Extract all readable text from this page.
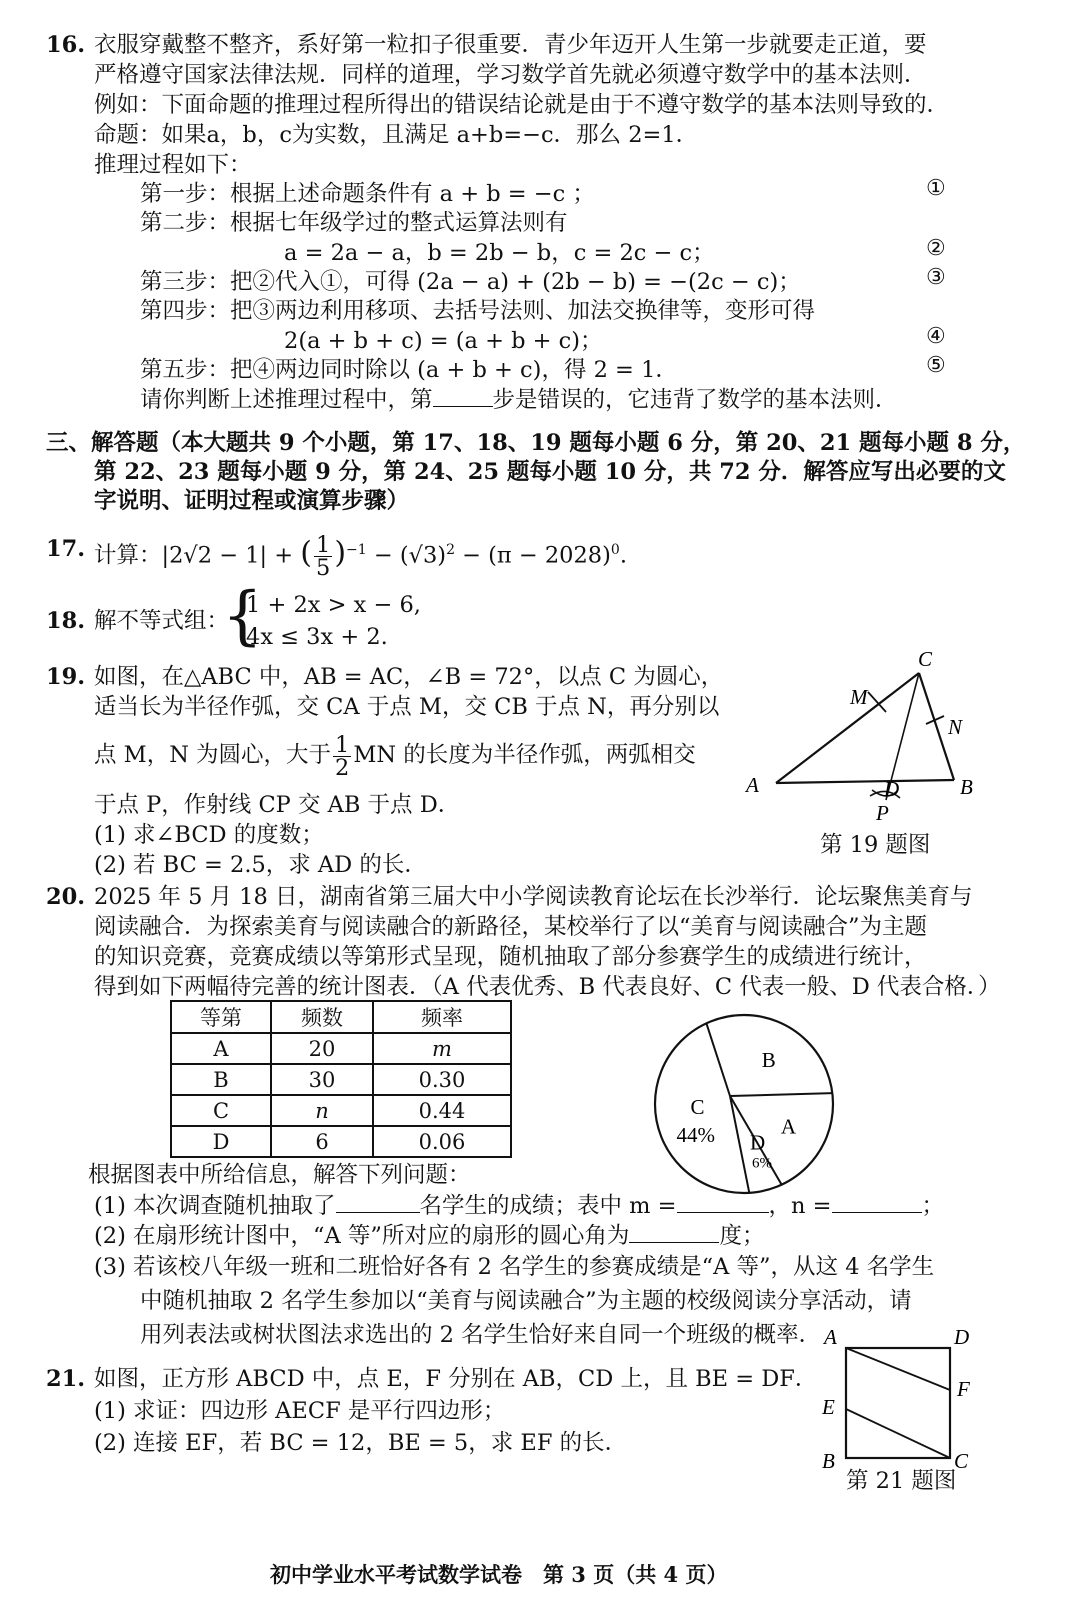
16. 衣服穿戴整不整齐，系好第一粒扣子很重要．青少年迈开人生第一步就要走正道，要
严格遵守国家法律法规．同样的道理，学习数学首先就必须遵守数学中的基本法则．
例如：下面命题的推理过程所得出的错误结论就是由于不遵守数学的基本法则导致的．
命题：如果a，b，c为实数，且满足 a+b=−c．那么 2=1．
推理过程如下：
第一步：根据上述命题条件有 a + b = −c ；
第二步：根据七年级学过的整式运算法则有
a = 2a − a，b = 2b − b，c = 2c − c；
第三步：把②代入①，可得 (2a − a) + (2b − b) = −(2c − c)；
第四步：把③两边利用移项、去括号法则、加法交换律等，变形可得
2(a + b + c) = (a + b + c)；
第五步：把④两边同时除以 (a + b + c)，得 2 = 1．
①
②
③
④
⑤
请你判断上述推理过程中，第	步是错误的，它违背了数学的基本法则．
三、解答题（本大题共 9 个小题，第 17、18、19 题每小题 6 分，第 20、21 题每小题 8 分，
第 22、23 题每小题 9 分，第 24、25 题每小题 10 分，共 72 分．解答应写出必要的文
字说明、证明过程或演算步骤）
17. 计算：|2√2 − 1| + ( $\frac{1}{5} )^{-1} - (√3)^2 - (\pi - 2028)^0$.
18. 解不等式组：
{
1 + 2x > x − 6,
4x ≤ 3x + 2.
19. 如图，在△ABC 中，AB = AC，∠B = 72°，以点 C 为圆心，
适当长为半径作弧，交 CA 于点 M，交 CB 于点 N，再分别以
点 M，N 为圆心，大于 $\frac{1}{2}$ MN 的长度为半径作弧，两弧相交
于点 P，作射线 CP 交 AB 于点 D．
(1) 求∠BCD 的度数；
(2) 若 BC = 2.5，求 AD 的长．
C
M
N
A	B
D
P
第 19 题图
20. 2025 年 5 月 18 日，湖南省第三届大中小学阅读教育论坛在长沙举行．论坛聚焦美育与
阅读融合．为探索美育与阅读融合的新路径，某校举行了以“美育与阅读融合”为主题
的知识竞赛，竞赛成绩以等第形式呈现，随机抽取了部分参赛学生的成绩进行统计，
得到如下两幅待完善的统计图表．（A 代表优秀、B 代表良好、C 代表一般、D 代表合格．）
等第	频数	频率
A	20	m
B	30	0.30
C	n	0.44
D	6	0.06
B
A
D
6%
C
44%
根据图表中所给信息，解答下列问题：
(1) 本次调查随机抽取了	名学生的成绩；表中 m =	，n =	；
(2) 在扇形统计图中，“A 等”所对应的扇形的圆心角为	度；
(3) 若该校八年级一班和二班恰好各有 2 名学生的参赛成绩是“A 等”，从这 4 名学生
中随机抽取 2 名学生参加以“美育与阅读融合”为主题的校级阅读分享活动，请
用列表法或树状图法求选出的 2 名学生恰好来自同一个班级的概率．
21. 如图，正方形 ABCD 中，点 E，F 分别在 AB，CD 上，且 BE = DF．
(1) 求证：四边形 AECF 是平行四边形；
(2) 连接 EF，若 BC = 12，BE = 5，求 EF 的长．
A	D
F
E
B	C
第 21 题图
初中学业水平考试数学试卷　第 3 页（共 4 页）
